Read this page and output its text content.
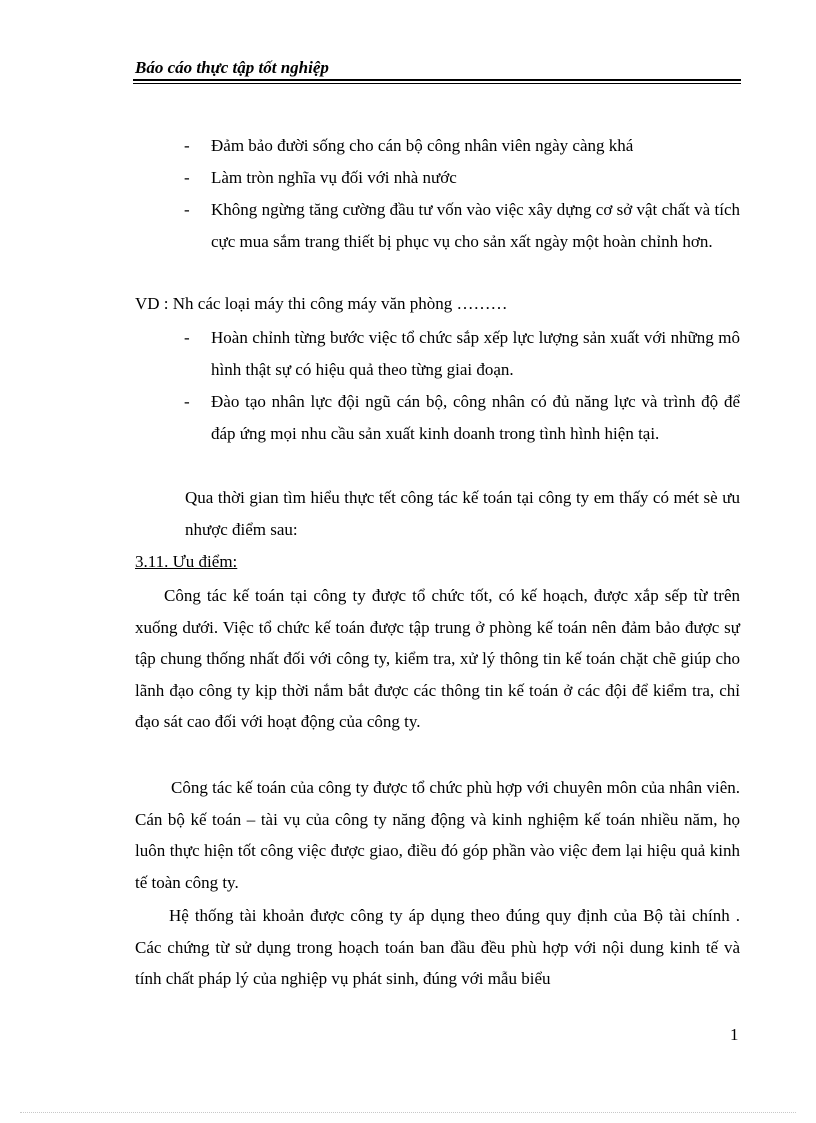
Báo cáo thực tập tốt nghiệp
- Đảm bảo đười sống cho cán bộ công nhân viên ngày càng khá
- Làm tròn nghĩa vụ đối với nhà nước
- Không ngừng tăng cường đầu tư vốn vào việc xây dựng cơ sở vật chất và tích cực mua sắm trang thiết bị phục vụ cho sản xất ngày một hoàn chỉnh hơn.
VD : Nh các loại máy thi công máy văn phòng ………
- Hoàn chỉnh từng bước việc tổ chức sắp xếp lực lượng sản xuất với những mô hình thật sự có hiệu quả theo từng giai đoạn.
- Đào tạo nhân lực đội ngũ cán bộ, công nhân có đủ năng lực và trình độ để đáp ứng mọi nhu cầu sản xuất kinh doanh trong tình hình hiện tại.
Qua thời gian tìm hiểu thực tết công tác kế toán tại công ty em thấy có mét sè ưu nhược điểm sau:
3.11. Ưu điểm:
Công tác kế toán tại công ty được tổ chức tốt, có kế hoạch, được xắp sếp từ trên xuống dưới. Việc tổ chức kế toán được tập trung ở phòng kế toán nên đảm bảo được sự tập chung thống nhất đối với công ty, kiểm tra, xử lý thông tin kế toán chặt chẽ giúp cho lãnh đạo công ty kịp thời nắm bắt được các thông tin kế toán ở các đội để kiểm tra, chỉ đạo sát cao đối với hoạt động của công ty.
Công tác kế toán của công ty được tổ chức phù hợp với chuyên môn của nhân viên. Cán bộ kế toán – tài vụ của công ty năng động và kinh nghiệm kế toán nhiều năm, họ luôn thực hiện tốt công việc được giao, điều đó góp phần vào việc đem lại hiệu quả kinh tế toàn công ty.
Hệ thống tài khoản được công ty áp dụng theo đúng quy định của Bộ tài chính . Các chứng từ sử dụng trong hoạch toán ban đầu đều phù hợp với nội dung kinh tế và tính chất pháp lý của nghiệp vụ phát sinh, đúng với mẫu biểu
1
